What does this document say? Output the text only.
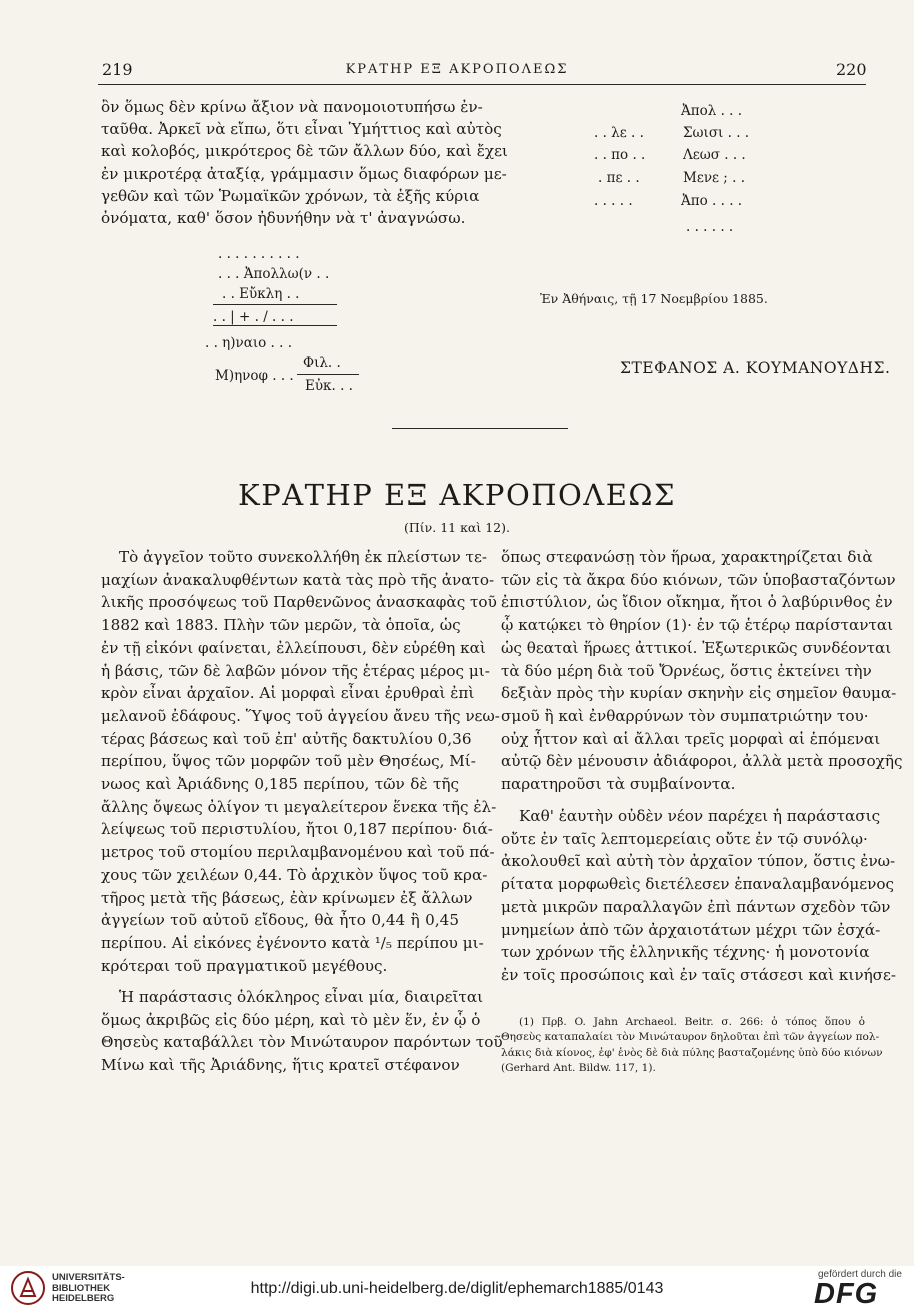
219	ΚΡΑΤΗΡ ΕΞ ΑΚΡΟΠΟΛΕΩΣ	220
ὂν ὅμως δὲν κρίνω ἄξιον νὰ πανομοιοτυπήσω ἐν-
ταῦθα. Ἀρκεῖ νὰ εἴπω, ὅτι εἶναι Ὑμήττιος καὶ αὐτὸς
καὶ κολοβός, μικρότερος δὲ τῶν ἄλλων δύο, καὶ ἔχει
ἐν μικροτέρᾳ ἀταξίᾳ, γράμμασιν ὅμως διαφόρων με-
γεθῶν καὶ τῶν Ῥωμαϊκῶν χρόνων, τὰ ἑξῆς κύρια
ὀνόματα, καθ' ὅσον ἠδυνήθην νὰ τ' ἀναγνώσω.
. . . . . . . . . .
. . . Ἀπολλω(ν . .
. . Εὔκλη . .
. . | + . / . . .
. . η)ναιο . . .
Μ)ηνοφ . . .
Φιλ. .
Εὐκ. . .
Ἀπολ . . .
. . λε . .	Σωισι . . .
. . πο . .	Λεωσ . . .
. πε . .	Μενε ; . .
. . . . .	Ἀπο . . . .
. . . . . .
Ἐν Ἀθήναις, τῇ 17 Νοεμβρίου 1885.
ΣΤΕΦΑΝΟΣ Α. ΚΟΥΜΑΝΟΥΔΗΣ.
ΚΡΑΤΗΡ ΕΞ ΑΚΡΟΠΟΛΕΩΣ
(Πίν. 11 καὶ 12).
Τὸ ἀγγεῖον τοῦτο συνεκολλήθη ἐκ πλείστων τε-
μαχίων ἀνακαλυφθέντων κατὰ τὰς πρὸ τῆς ἀνατο-
λικῆς προσόψεως τοῦ Παρθενῶνος ἀνασκαφὰς τοῦ
1882 καὶ 1883. Πλὴν τῶν μερῶν, τὰ ὁποῖα, ὡς
ἐν τῇ εἰκόνι φαίνεται, ἐλλείπουσι, δὲν εὑρέθη καὶ
ἡ βάσις, τῶν δὲ λαβῶν μόνον τῆς ἑτέρας μέρος μι-
κρὸν εἶναι ἀρχαῖον. Αἱ μορφαὶ εἶναι ἐρυθραὶ ἐπὶ
μελανοῦ ἐδάφους. Ὕψος τοῦ ἀγγείου ἄνευ τῆς νεω-
τέρας βάσεως καὶ τοῦ ἐπ' αὐτῆς δακτυλίου 0,36
περίπου, ὕψος τῶν μορφῶν τοῦ μὲν Θησέως, Μί-
νωος καὶ Ἀριάδνης 0,185 περίπου, τῶν δὲ τῆς
ἄλλης ὄψεως ὀλίγον τι μεγαλείτερον ἕνεκα τῆς ἐλ-
λείψεως τοῦ περιστυλίου, ἤτοι 0,187 περίπου· διά-
μετρος τοῦ στομίου περιλαμβανομένου καὶ τοῦ πά-
χους τῶν χειλέων 0,44. Τὸ ἀρχικὸν ὕψος τοῦ κρα-
τῆρος μετὰ τῆς βάσεως, ἐὰν κρίνωμεν ἐξ ἄλλων
ἀγγείων τοῦ αὐτοῦ εἴδους, θὰ ἦτο 0,44 ἢ 0,45
περίπου. Αἱ εἰκόνες ἐγένοντο κατὰ ¹/₅ περίπου μι-
κρότεραι τοῦ πραγματικοῦ μεγέθους.
Ἡ παράστασις ὁλόκληρος εἶναι μία, διαιρεῖται
ὅμως ἀκριβῶς εἰς δύο μέρη, καὶ τὸ μὲν ἕν, ἐν ᾧ ὁ
Θησεὺς καταβάλλει τὸν Μινώταυρον παρόντων τοῦ
Μίνω καὶ τῆς Ἀριάδνης, ἥτις κρατεῖ στέφανον
ὅπως στεφανώσῃ τὸν ἥρωα, χαρακτηρίζεται διὰ
τῶν εἰς τὰ ἄκρα δύο κιόνων, τῶν ὑποβασταζόντων
ἐπιστύλιον, ὡς ἴδιον οἴκημα, ἤτοι ὁ λαβύρινθος ἐν
ᾧ κατῴκει τὸ θηρίον (1)· ἐν τῷ ἑτέρῳ παρίστανται
ὡς θεαταὶ ἥρωες ἀττικοί. Ἐξωτερικῶς συνδέονται
τὰ δύο μέρη διὰ τοῦ Ὄρνέως, ὅστις ἐκτείνει τὴν
δεξιὰν πρὸς τὴν κυρίαν σκηνὴν εἰς σημεῖον θαυμα-
σμοῦ ἢ καὶ ἐνθαρρύνων τὸν συμπατριώτην του·
οὐχ ἧττον καὶ αἱ ἄλλαι τρεῖς μορφαὶ αἱ ἑπόμεναι
αὐτῷ δὲν μένουσιν ἀδιάφοροι, ἀλλὰ μετὰ προσοχῆς
παρατηροῦσι τὰ συμβαίνοντα.
Καθ' ἑαυτὴν οὐδὲν νέον παρέχει ἡ παράστασις
οὔτε ἐν ταῖς λεπτομερείαις οὔτε ἐν τῷ συνόλῳ·
ἀκολουθεῖ καὶ αὐτὴ τὸν ἀρχαῖον τύπον, ὅστις ἐνω-
ρίτατα μορφωθεὶς διετέλεσεν ἐπαναλαμβανόμενος
μετὰ μικρῶν παραλλαγῶν ἐπὶ πάντων σχεδὸν τῶν
μνημείων ἀπὸ τῶν ἀρχαιοτάτων μέχρι τῶν ἐσχά-
των χρόνων τῆς ἑλληνικῆς τέχνης· ἡ μονοτονία
ἐν τοῖς προσώποις καὶ ἐν ταῖς στάσεσι καὶ κινήσε-
(1) Πρβ. O. Jahn Archaeol. Beitr. σ. 266: ὁ τόπος ὅπου ὁ
Θησεὺς καταπαλαίει τὸν Μινώταυρον δηλοῦται ἐπὶ τῶν ἀγγείων πολ-
λάκις διὰ κίονος, ἐφ' ἑνὸς δὲ διὰ πύλης βασταζομένης ὑπὸ δύο κιόνων
(Gerhard Ant. Bildw. 117, 1).
UNIVERSITÄTS-
BIBLIOTHEK
HEIDELBERG
http://digi.ub.uni-heidelberg.de/diglit/ephemarch1885/0143
gefördert durch die
DFG
